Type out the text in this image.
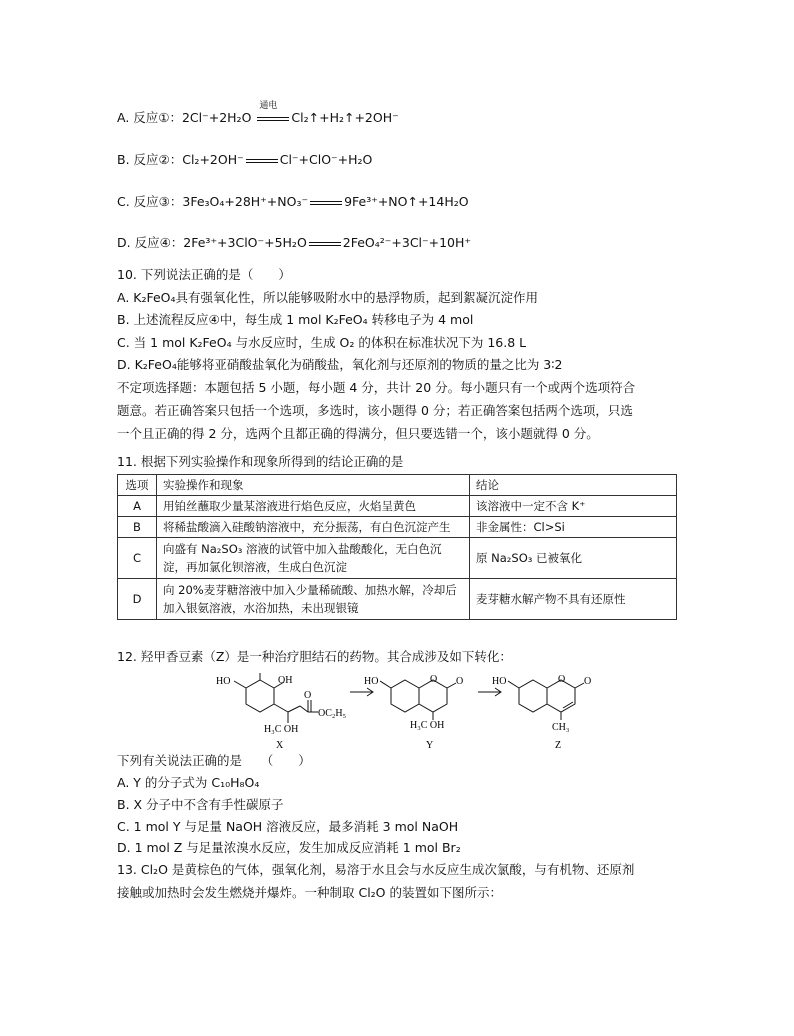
A. 反应①：2Cl⁻+2H₂O
通电
Cl₂↑+H₂↑+2OH⁻
B. 反应②：Cl₂+2OH⁻	Cl⁻+ClO⁻+H₂O
C. 反应③：3Fe₃O₄+28H⁺+NO₃⁻	9Fe³⁺+NO↑+14H₂O
D. 反应④：2Fe³⁺+3ClO⁻+5H₂O	2FeO₄²⁻+3Cl⁻+10H⁺
10. 下列说法正确的是（　　）
A. K₂FeO₄具有强氧化性，所以能够吸附水中的悬浮物质，起到絮凝沉淀作用
B. 上述流程反应④中，每生成 1 mol K₂FeO₄ 转移电子为 4 mol
C. 当 1 mol K₂FeO₄ 与水反应时，生成 O₂ 的体积在标准状况下为 16.8 L
D. K₂FeO₄能够将亚硝酸盐氧化为硝酸盐，氧化剂与还原剂的物质的量之比为 3∶2
不定项选择题：本题包括 5 小题，每小题 4 分，共计 20 分。每小题只有一个或两个选项符合
题意。若正确答案只包括一个选项，多选时，该小题得 0 分；若正确答案包括两个选项，只选
一个且正确的得 2 分，选两个且都正确的得满分，但只要选错一个，该小题就得 0 分。
11. 根据下列实验操作和现象所得到的结论正确的是
选项	实验操作和现象	结论
A	用铂丝蘸取少量某溶液进行焰色反应，火焰呈黄色	该溶液中一定不含 K⁺
B	将稀盐酸滴入硅酸钠溶液中，充分振荡，有白色沉淀产生	非金属性：Cl>Si
C	向盛有 Na₂SO₃ 溶液的试管中加入盐酸酸化，无白色沉淀，再加氯化钡溶液，生成白色沉淀	原 Na₂SO₃ 已被氧化
D	向 20%麦芽糖溶液中加入少量稀硫酸、加热水解，冷却后加入银氨溶液，水浴加热，未出现银镜	麦芽糖水解产物不具有还原性
12. 羟甲香豆素（Z）是一种治疗胆结石的药物。其合成涉及如下转化：
HO	OH
O
OC₂H₅
H₃C OH
X
HO	O O
H₃C OH
Y
HO	O O
CH₃
Z
下列有关说法正确的是　　（　　）
A. Y 的分子式为 C₁₀H₈O₄
B. X 分子中不含有手性碳原子
C. 1 mol Y 与足量 NaOH 溶液反应，最多消耗 3 mol NaOH
D. 1 mol Z 与足量浓溴水反应，发生加成反应消耗 1 mol Br₂
13. Cl₂O 是黄棕色的气体，强氧化剂，易溶于水且会与水反应生成次氯酸，与有机物、还原剂
接触或加热时会发生燃烧并爆炸。一种制取 Cl₂O 的装置如下图所示：
